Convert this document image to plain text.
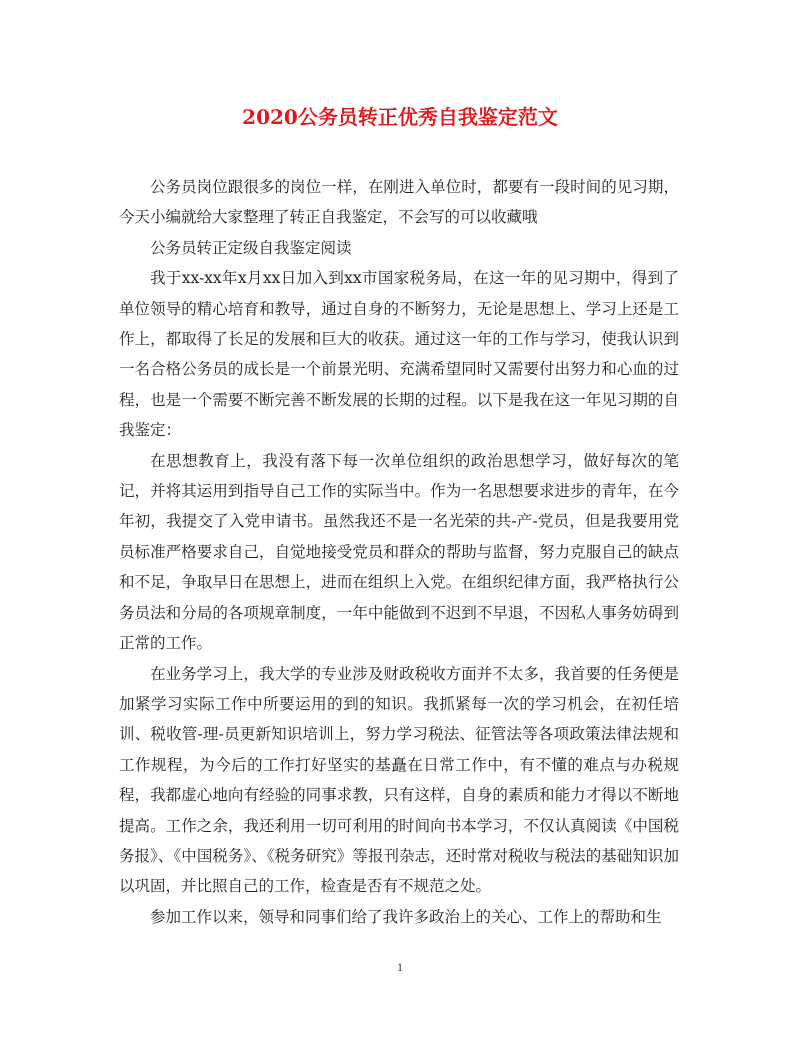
2020公务员转正优秀自我鉴定范文

公务员岗位跟很多的岗位一样，在刚进入单位时，都要有一段时间的见习期，今天小编就给大家整理了转正自我鉴定，不会写的可以收藏哦

公务员转正定级自我鉴定阅读

我于xx-xx年x月xx日加入到xx市国家税务局，在这一年的见习期中，得到了单位领导的精心培育和教导，通过自身的不断努力，无论是思想上、学习上还是工作上，都取得了长足的发展和巨大的收获。通过这一年的工作与学习，使我认识到一名合格公务员的成长是一个前景光明、充满希望同时又需要付出努力和心血的过程，也是一个需要不断完善不断发展的长期的过程。以下是我在这一年见习期的自我鉴定：

在思想教育上，我没有落下每一次单位组织的政治思想学习，做好每次的笔记，并将其运用到指导自己工作的实际当中。作为一名思想要求进步的青年，在今年初，我提交了入党申请书。虽然我还不是一名光荣的共-产-党员，但是我要用党员标准严格要求自己，自觉地接受党员和群众的帮助与监督，努力克服自己的缺点和不足，争取早日在思想上，进而在组织上入党。在组织纪律方面，我严格执行公务员法和分局的各项规章制度，一年中能做到不迟到不早退，不因私人事务妨碍到正常的工作。

在业务学习上，我大学的专业涉及财政税收方面并不太多，我首要的任务便是加紧学习实际工作中所要运用的到的知识。我抓紧每一次的学习机会，在初任培训、税收管-理-员更新知识培训上，努力学习税法、征管法等各项政策法律法规和工作规程，为今后的工作打好坚实的基矗在日常工作中，有不懂的难点与办税规程，我都虚心地向有经验的同事求教，只有这样，自身的素质和能力才得以不断地提高。工作之余，我还利用一切可利用的时间向书本学习，不仅认真阅读《中国税务报》、《中国税务》、《税务研究》等报刊杂志，还时常对税收与税法的基础知识加以巩固，并比照自己的工作，检查是否有不规范之处。

参加工作以来，领导和同事们给了我许多政治上的关心、工作上的帮助和生

1
